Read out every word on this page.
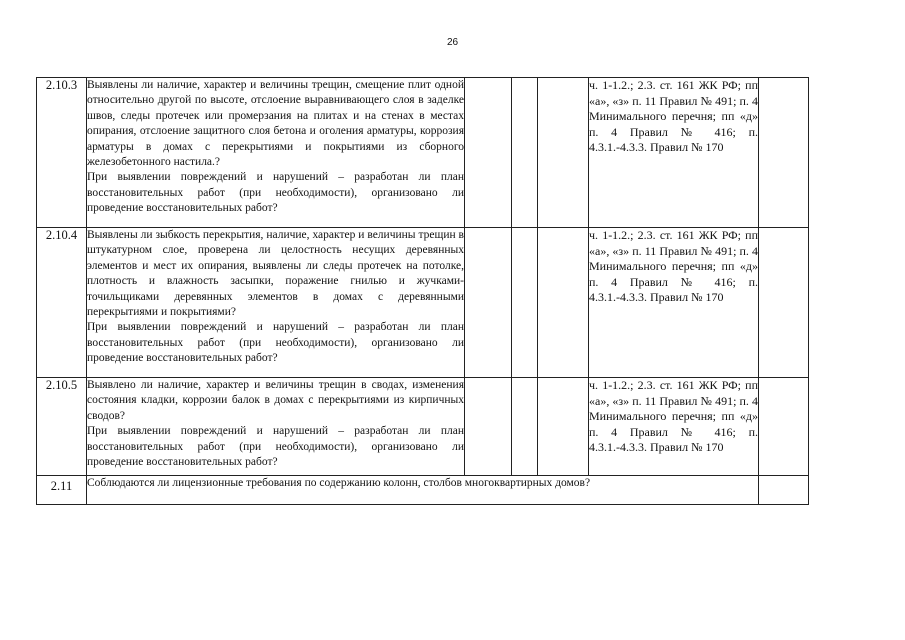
26
2.10.3	Выявлены ли наличие, характер и величины трещин, смещение плит одной относительно другой по высоте, отслоение выравнивающего слоя в заделке швов, следы протечек или промерзания на плитах и на стенах в местах опирания, отслоение защитного слоя бетона и оголения арматуры, коррозия арматуры в домах с перекрытиями и покрытиями из сборного железобетонного настила.?

При выявлении повреждений и нарушений – разработан ли план восстановительных работ (при необходимости), организовано ли проведение восстановительных работ?				ч. 1-1.2.; 2.3. ст. 161 ЖК РФ; пп «а», «з» п. 11 Правил № 491; п. 4 Минимального перечня; пп «д» п. 4 Правил № 416; п. 4.3.1.-4.3.3. Правил № 170	
2.10.4	Выявлены ли зыбкость перекрытия, наличие, характер и величины трещин в штукатурном слое, проверена ли целостность несущих деревянных элементов и мест их опирания, выявлены ли следы протечек на потолке, плотность и влажность засыпки, поражение гнилью и жучками-точильщиками деревянных элементов в домах с деревянными перекрытиями и покрытиями?

При выявлении повреждений и нарушений – разработан ли план восстановительных работ (при необходимости), организовано ли проведение восстановительных работ?				ч. 1-1.2.; 2.3. ст. 161 ЖК РФ; пп «а», «з» п. 11 Правил № 491; п. 4 Минимального перечня; пп «д» п. 4 Правил № 416; п. 4.3.1.-4.3.3. Правил № 170	
2.10.5	Выявлено ли наличие, характер и величины трещин в сводах, изменения состояния кладки, коррозии балок в домах с перекрытиями из кирпичных сводов?

При выявлении повреждений и нарушений – разработан ли план восстановительных работ (при необходимости), организовано ли проведение восстановительных работ?				ч. 1-1.2.; 2.3. ст. 161 ЖК РФ; пп «а», «з» п. 11 Правил № 491; п. 4 Минимального перечня; пп «д» п. 4 Правил № 416; п. 4.3.1.-4.3.3. Правил № 170	
2.11	Соблюдаются ли лицензионные требования по содержанию колонн, столбов многоквартирных домов?					
